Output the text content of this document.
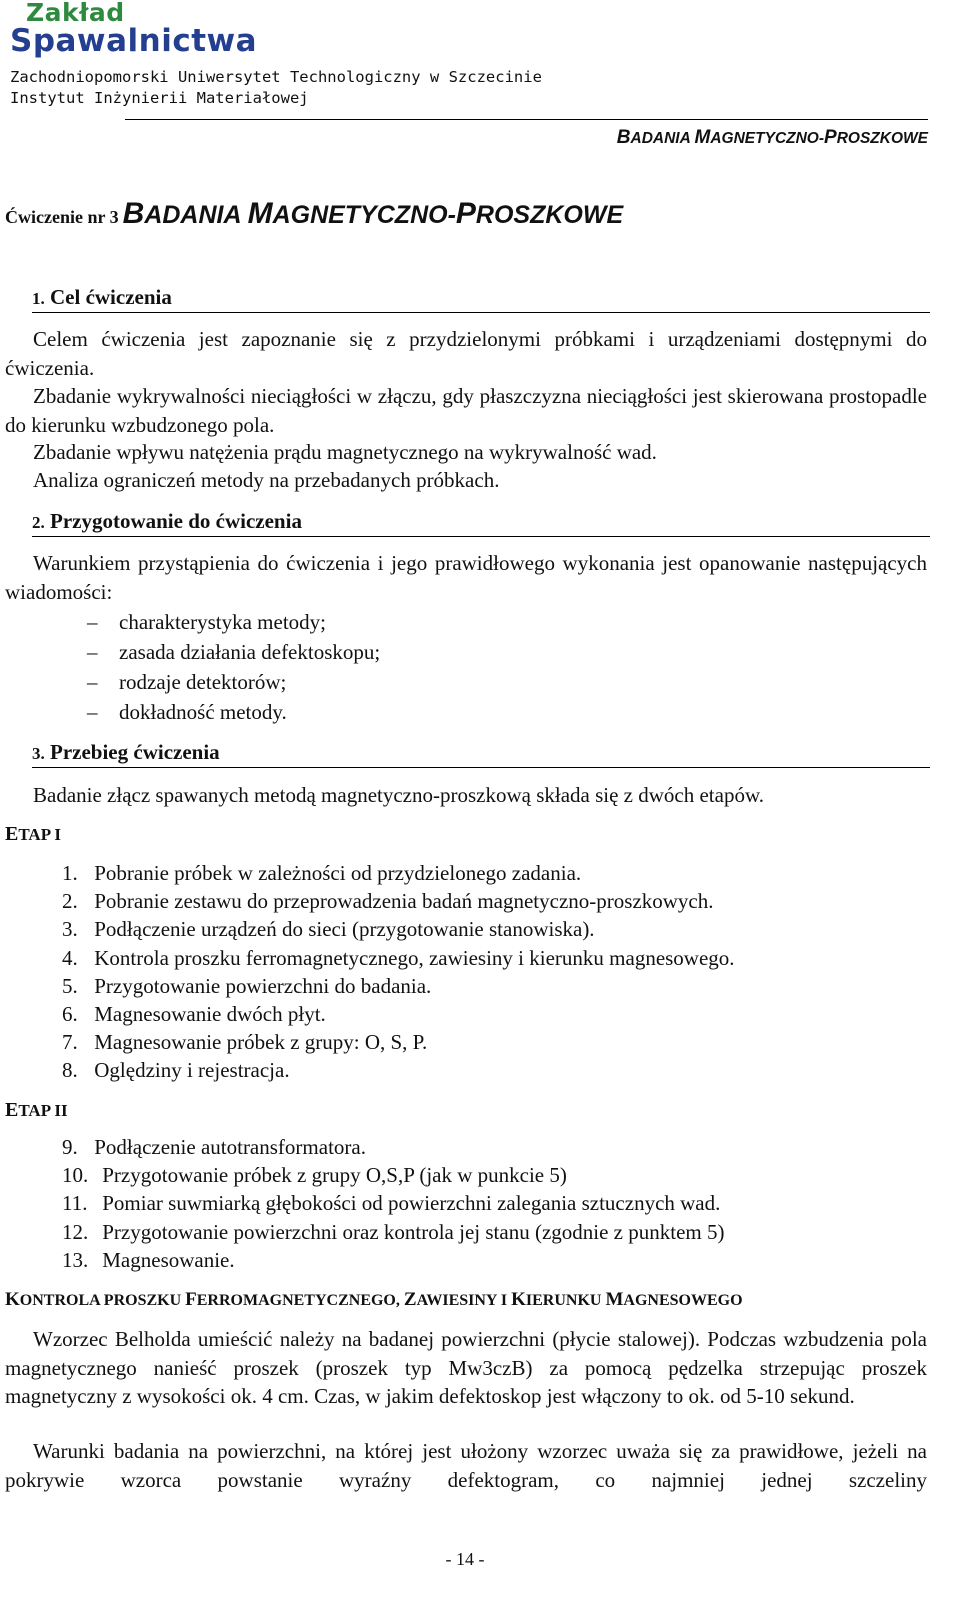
Zakład

Spawalnictwa

Zachodniopomorski Uniwersytet Technologiczny w Szczecinie

Instytut Inżynierii Materiałowej

BADANIA MAGNETYCZNO-PROSZKOWE

Ćwiczenie nr 3 BADANIA MAGNETYCZNO-PROSZKOWE

1. Cel ćwiczenia

Celem ćwiczenia jest zapoznanie się z przydzielonymi próbkami i urządzeniami dostępnymi do ćwiczenia.

Zbadanie wykrywalności nieciągłości w złączu, gdy płaszczyzna nieciągłości jest skierowana prostopadle do kierunku wzbudzonego pola.

Zbadanie wpływu natężenia prądu magnetycznego na wykrywalność wad.

Analiza ograniczeń metody na przebadanych próbkach.

2. Przygotowanie do ćwiczenia

Warunkiem przystąpienia do ćwiczenia i jego prawidłowego wykonania jest opanowanie następujących wiadomości:

– charakterystyka metody;
– zasada działania defektoskopu;
– rodzaje detektorów;
– dokładność metody.

3. Przebieg ćwiczenia

Badanie złącz spawanych metodą magnetyczno-proszkową składa się z dwóch etapów.

ETAP I

1. Pobranie próbek w zależności od przydzielonego zadania.
2. Pobranie zestawu do przeprowadzenia badań magnetyczno-proszkowych.
3. Podłączenie urządzeń do sieci (przygotowanie stanowiska).
4. Kontrola proszku ferromagnetycznego, zawiesiny i kierunku magnesowego.
5. Przygotowanie powierzchni do badania.
6. Magnesowanie dwóch płyt.
7. Magnesowanie próbek z grupy: O, S, P.
8. Oględziny i rejestracja.

ETAP II

9. Podłączenie autotransformatora.
10. Przygotowanie próbek z grupy O,S,P (jak w punkcie 5)
11. Pomiar suwmiarką głębokości od powierzchni zalegania sztucznych wad.
12. Przygotowanie powierzchni oraz kontrola jej stanu (zgodnie z punktem 5)
13. Magnesowanie.

KONTROLA PROSZKU FERROMAGNETYCZNEGO, ZAWIESINY I KIERUNKU MAGNESOWEGO

Wzorzec Belholda umieścić należy na badanej powierzchni (płycie stalowej). Podczas wzbudzenia pola magnetycznego nanieść proszek (proszek typ Mw3czB) za pomocą pędzelka strzepując proszek magnetyczny z wysokości ok. 4 cm. Czas, w jakim defektoskop jest włączony to ok. od 5-10 sekund.

Warunki badania na powierzchni, na której jest ułożony wzorzec uważa się za prawidłowe, jeżeli na pokrywie wzorca powstanie wyraźny defektogram, co najmniej jednej szczeliny

- 14 -
